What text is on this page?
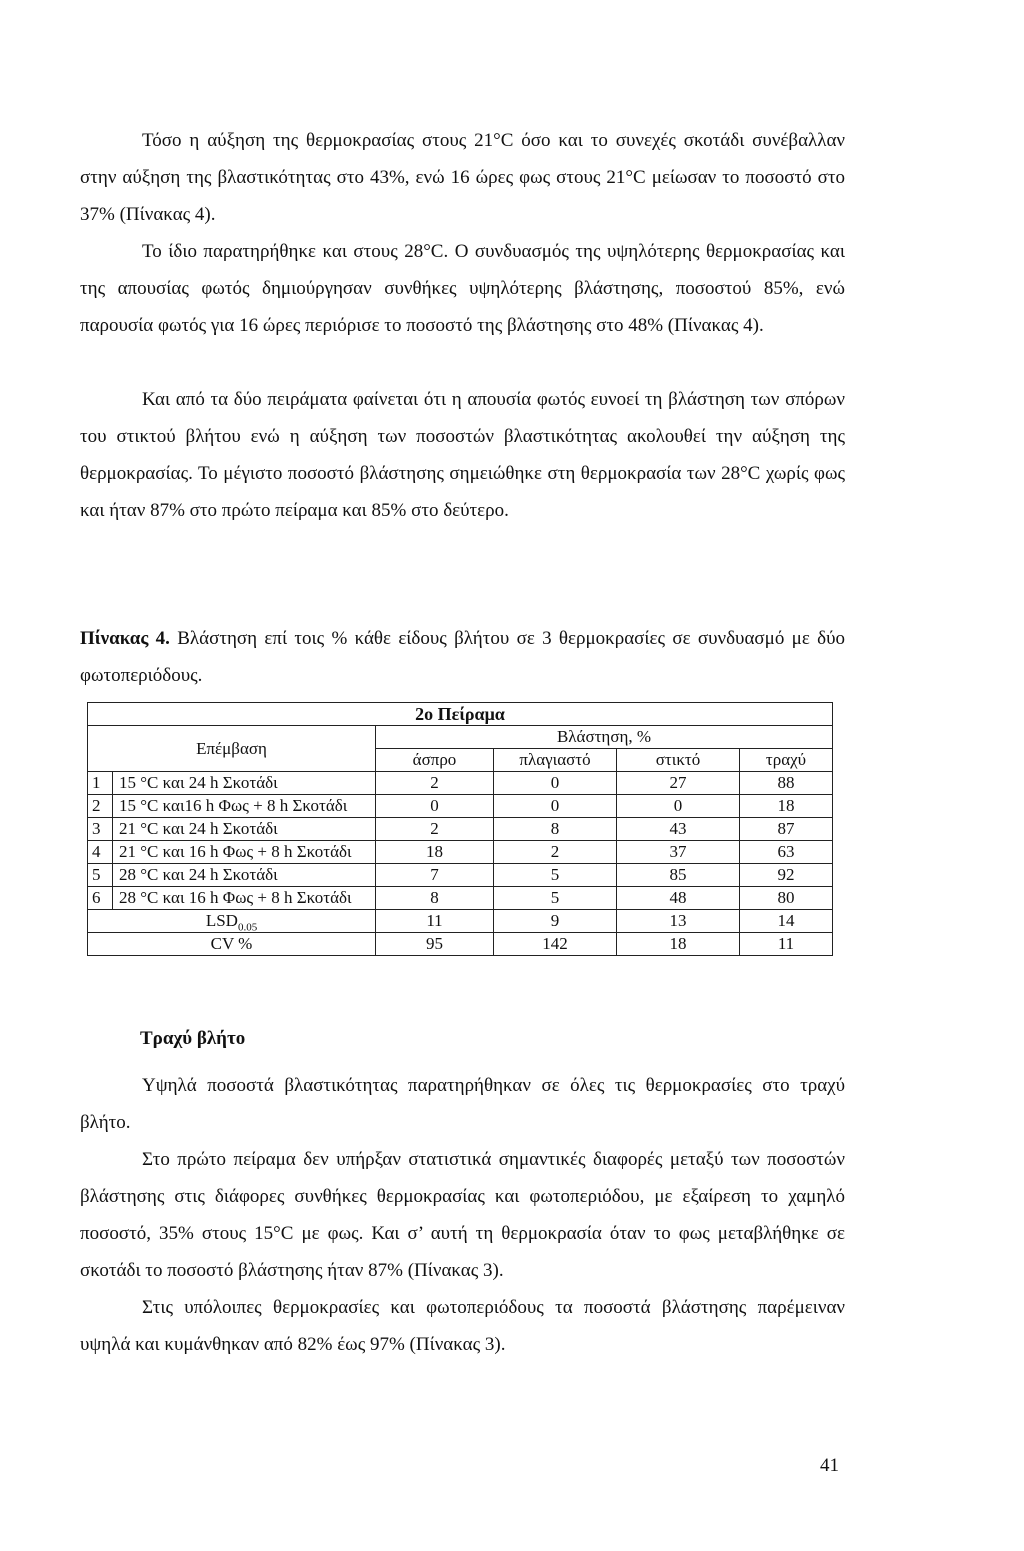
Τόσο η αύξηση της θερμοκρασίας στους 21°C όσο και το συνεχές σκοτάδι συνέβαλλαν στην αύξηση της βλαστικότητας στο 43%, ενώ 16 ώρες φως στους 21°C μείωσαν το ποσοστό στο 37% (Πίνακας 4).

Το ίδιο παρατηρήθηκε και στους 28°C. Ο συνδυασμός της υψηλότερης θερμοκρασίας και της απουσίας φωτός δημιούργησαν συνθήκες υψηλότερης βλάστησης, ποσοστού 85%, ενώ παρουσία φωτός για 16 ώρες περιόρισε το ποσοστό της βλάστησης στο 48% (Πίνακας 4).

Και από τα δύο πειράματα φαίνεται ότι η απουσία φωτός ευνοεί τη βλάστηση των σπόρων του στικτού βλήτου ενώ η αύξηση των ποσοστών βλαστικότητας ακολουθεί την αύξηση της θερμοκρασίας. Το μέγιστο ποσοστό βλάστησης σημειώθηκε στη θερμοκρασία των 28°C χωρίς φως και ήταν 87% στο πρώτο πείραμα και 85% στο δεύτερο.

Πίνακας 4. Βλάστηση επί τοις % κάθε είδους βλήτου σε 3 θερμοκρασίες σε συνδυασμό με δύο φωτοπεριόδους.

2ο Πείραμα					
Επέμβαση		Βλάστηση, %			
		άσπρο	πλαγιαστό	στικτό	τραχύ
1	15 °C και 24 h Σκοτάδι	2	0	27	88
2	15 °C και16 h Φως + 8 h Σκοτάδι	0	0	0	18
3	21 °C και 24 h Σκοτάδι	2	8	43	87
4	21 °C και 16 h Φως + 8 h Σκοτάδι	18	2	37	63
5	28 °C και 24 h Σκοτάδι	7	5	85	92
6	28 °C και 16 h Φως + 8 h Σκοτάδι	8	5	48	80
$LSD_{0.05}$		11	9	13	14
CV %		95	142	18	11

Τραχύ βλήτο

Υψηλά ποσοστά βλαστικότητας παρατηρήθηκαν σε όλες τις θερμοκρασίες στο τραχύ βλήτο.

Στο πρώτο πείραμα δεν υπήρξαν στατιστικά σημαντικές διαφορές μεταξύ των ποσοστών βλάστησης στις διάφορες συνθήκες θερμοκρασίας και φωτοπεριόδου, με εξαίρεση το χαμηλό ποσοστό, 35% στους 15°C με φως. Και σ’ αυτή τη θερμοκρασία όταν το φως μεταβλήθηκε σε σκοτάδι το ποσοστό βλάστησης ήταν 87% (Πίνακας 3).

Στις υπόλοιπες θερμοκρασίες και φωτοπεριόδους τα ποσοστά βλάστησης παρέμειναν υψηλά και κυμάνθηκαν από 82% έως 97% (Πίνακας 3).

41
